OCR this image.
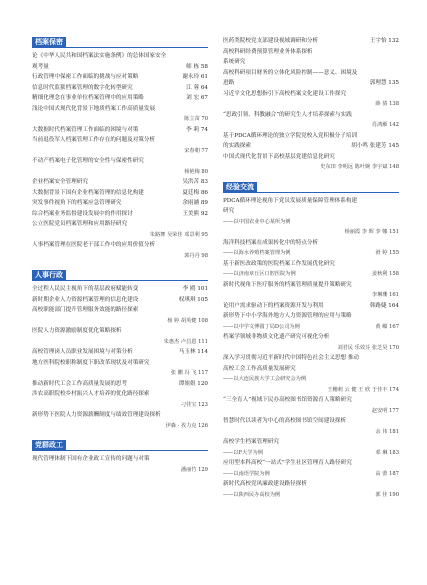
档案保密
论《中华人民共和国档案法实施条例》的总体国家安全
观考量	师 栋 58
行政管理中保密工作面临的挑战与应对策略	谢永玲 61
信息时代监狱档案管理的数字化转型研究	江 蓉 64
精细化理念在事业单位档案管理中的应用策略	刘 宏 67
浅论中国式现代化背景下地质档案工作高质量发展
陈立苗 70
大数据时代档案管理工作面临的困境与对策	李 莉 74
当前退役军人档案管理工作存在的问题及对策分析
宋春朝 77
不动产档案电子化管理的安全性与保密性研究
杨艳梅 80
企业档案安全管理研究	吴洪苦 83
大数据背景下国有企业档案管理的信息化构建	夏廷梅 86
突发事件视角下的档案应急管理研究	余雨涵 89
综合档案业务监督建设发展中的作用探讨	王美熊 92
公立医院党员档案管理和应用路径研究
朱路舞 吴荣佳 邓景利 95
人事档案管理在医院老干部工作中的应用价值分析
郭丹丹 98
人事行政
全过程人民民主视角下的基层政府赋能转变	李 鸥 101
新时期企业人力资源档案管理的信息化建设	权琪琪 105
高校职能部门提升管理服务效能的路径探索
杨 婷 胡英健 108
医院人力资源激励制度优化策略探析
朱惠杰 卢昌恩 111
高校管理岗人员职业发展困境与对策分析	马玉林 114
地方医科院校职称制度下职改革现状及对策研究
张 鹏 冯 飞 117
推动新时代工会工作高质量发展的思考	谭姐姐 120
涉农高职院校乡村振兴人才培养的优化路径探索
刁佳宝 123
新形势下医院人力资源薪酬制度与绩效管理建设探析
伊森 · 孜力克 126
党群政工
现代管理体制下国有企业政工宣传的问题与对策
潘丽竹 129
医药类院校党支部建设视域调研和分析	王宇怡 132
高校科研经费预算管理业务体系探析
系统研究
高校科研项目财务的立体化风险控制——意义、困境及
进路	郭理慧 135
习近平文化思想指引下高校档案文化建设工作探究
薛 倩 138
“思政引领、科教融合”的研究生人才培养探索与实践
肖鸿雁 142
基于PDCA循环理论的独立学院党校入党积极分子培训
的实践探索	胡小鸣 张建芳 145
中国式现代化背景下高校基层党建信息化研究
史东田 李明远 陈叶婉 李宇斌 148
经验交流
PDCA循环理论视角下党员发展质量保障管理体系构建
研究
——以中国农业中心某所为例
杨丽霞 李 晖 李 娜 151
海洋科技档案在成果转化中的特点分析
——以海水养殖档案管理为例	滑 婷 155
基于新医改政策的医院档案工作发展优化研究
——以济南章丘区口腔医院为例	姜秋利 158
新时代视角下医疗服务的档案管理质量提升策略研究
李琳珊 161
论用户需求驱动下的档案资源开发与利用	韩路婕 164
新形势下中小学海外地方人力资源管理的应用与策略
——以中学文博圆丁局D公司为例	黄 嵋 167
档案学领域非物质文化遗产研究可视化分析
刘君民 乐效芬 张芝昊 170
深入学习贯彻习近平新时代中国特色社会主义思想 推动
高校工会工作高质量发展研究
——以大连民族大学工会研究会为例
王穗莉 云 健 王 欣 于佳丰 174
“三全育人”视域下民办高校图书馆资源育人策略研究
赵安明 177
智慧时代以读者为中心的高校图书馆空间建设探析
余 伟 181
高校学生档案管理研究
——以F大学为例	邓 琳 183
应用型本科高校“一站式”学生社区管理育人路径研究
——以南语学院为例	高 蕾 187
新时代高校党风廉政建设路径探析
——以陕西民办高校为例	郭 佳 190
